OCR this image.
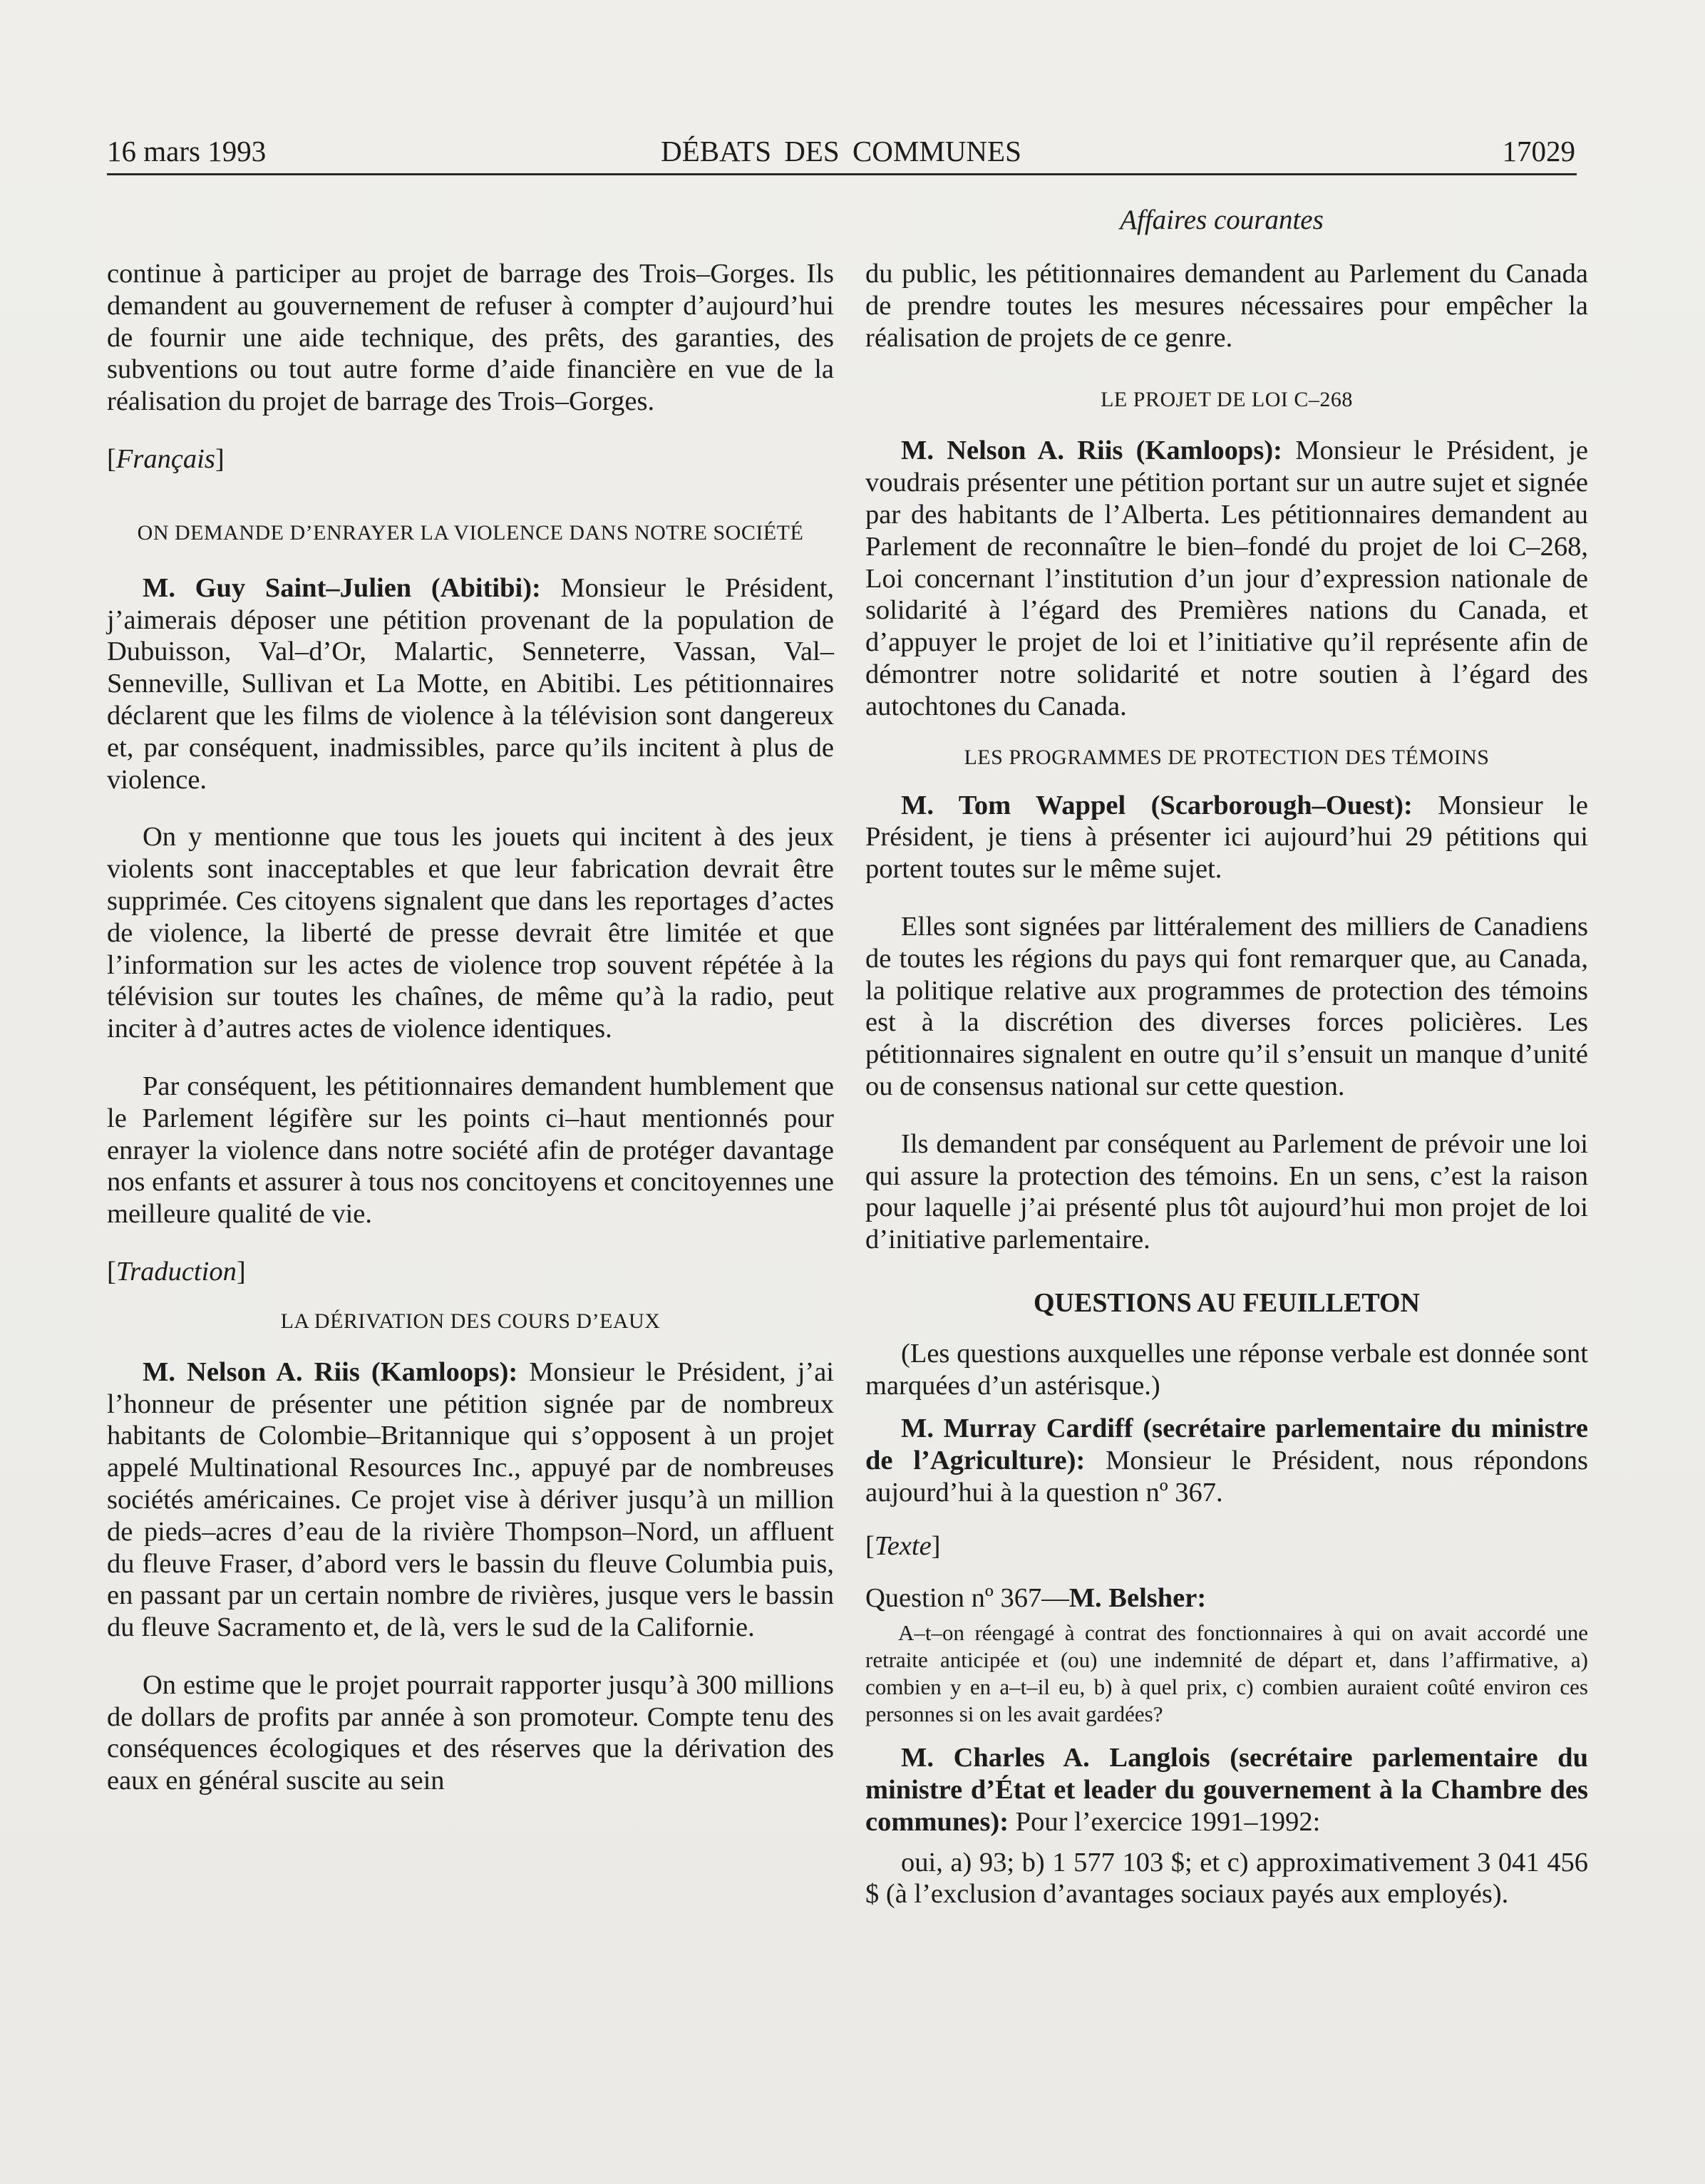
16 mars 1993	DÉBATS DES COMMUNES	17029
Affaires courantes

continue à participer au projet de barrage des Trois–Gorges. Ils demandent au gouvernement de refuser à compter d’aujourd’hui de fournir une aide technique, des prêts, des garanties, des subventions ou tout autre forme d’aide financière en vue de la réalisation du projet de barrage des Trois–Gorges.

[Français]

ON DEMANDE D’ENRAYER LA VIOLENCE DANS NOTRE SOCIÉTÉ

M. Guy Saint–Julien (Abitibi): Monsieur le Président, j’aimerais déposer une pétition provenant de la population de Dubuisson, Val–d’Or, Malartic, Senneterre, Vassan, Val–Senneville, Sullivan et La Motte, en Abitibi. Les pétitionnaires déclarent que les films de violence à la télévision sont dangereux et, par conséquent, inadmissibles, parce qu’ils incitent à plus de violence.

On y mentionne que tous les jouets qui incitent à des jeux violents sont inacceptables et que leur fabrication devrait être supprimée. Ces citoyens signalent que dans les reportages d’actes de violence, la liberté de presse devrait être limitée et que l’information sur les actes de violence trop souvent répétée à la télévision sur toutes les chaînes, de même qu’à la radio, peut inciter à d’autres actes de violence identiques.

Par conséquent, les pétitionnaires demandent humblement que le Parlement légifère sur les points ci–haut mentionnés pour enrayer la violence dans notre société afin de protéger davantage nos enfants et assurer à tous nos concitoyens et concitoyennes une meilleure qualité de vie.

[Traduction]

LA DÉRIVATION DES COURS D’EAUX

M. Nelson A. Riis (Kamloops): Monsieur le Président, j’ai l’honneur de présenter une pétition signée par de nombreux habitants de Colombie–Britannique qui s’opposent à un projet appelé Multinational Resources Inc., appuyé par de nombreuses sociétés américaines. Ce projet vise à dériver jusqu’à un million de pieds–acres d’eau de la rivière Thompson–Nord, un affluent du fleuve Fraser, d’abord vers le bassin du fleuve Columbia puis, en passant par un certain nombre de rivières, jusque vers le bassin du fleuve Sacramento et, de là, vers le sud de la Californie.

On estime que le projet pourrait rapporter jusqu’à 300 millions de dollars de profits par année à son promoteur. Compte tenu des conséquences écologiques et des réserves que la dérivation des eaux en général suscite au sein

du public, les pétitionnaires demandent au Parlement du Canada de prendre toutes les mesures nécessaires pour empêcher la réalisation de projets de ce genre.

LE PROJET DE LOI C–268

M. Nelson A. Riis (Kamloops): Monsieur le Président, je voudrais présenter une pétition portant sur un autre sujet et signée par des habitants de l’Alberta. Les pétitionnaires demandent au Parlement de reconnaître le bien–fondé du projet de loi C–268, Loi concernant l’institution d’un jour d’expression nationale de solidarité à l’égard des Premières nations du Canada, et d’appuyer le projet de loi et l’initiative qu’il représente afin de démontrer notre solidarité et notre soutien à l’égard des autochtones du Canada.

LES PROGRAMMES DE PROTECTION DES TÉMOINS

M. Tom Wappel (Scarborough–Ouest): Monsieur le Président, je tiens à présenter ici aujourd’hui 29 pétitions qui portent toutes sur le même sujet.

Elles sont signées par littéralement des milliers de Canadiens de toutes les régions du pays qui font remarquer que, au Canada, la politique relative aux programmes de protection des témoins est à la discrétion des diverses forces policières. Les pétitionnaires signalent en outre qu’il s’ensuit un manque d’unité ou de consensus national sur cette question.

Ils demandent par conséquent au Parlement de prévoir une loi qui assure la protection des témoins. En un sens, c’est la raison pour laquelle j’ai présenté plus tôt aujourd’hui mon projet de loi d’initiative parlementaire.

QUESTIONS AU FEUILLETON

(Les questions auxquelles une réponse verbale est donnée sont marquées d’un astérisque.)

M. Murray Cardiff (secrétaire parlementaire du ministre de l’Agriculture): Monsieur le Président, nous répondons aujourd’hui à la question nº 367.

[Texte]

Question nº 367—M. Belsher:

A–t–on réengagé à contrat des fonctionnaires à qui on avait accordé une retraite anticipée et (ou) une indemnité de départ et, dans l’affirmative, a) combien y en a–t–il eu, b) à quel prix, c) combien auraient coûté environ ces personnes si on les avait gardées?

M. Charles A. Langlois (secrétaire parlementaire du ministre d’État et leader du gouvernement à la Chambre des communes): Pour l’exercice 1991–1992:

oui, a) 93; b) 1 577 103 $; et c) approximativement 3 041 456 $ (à l’exclusion d’avantages sociaux payés aux employés).
